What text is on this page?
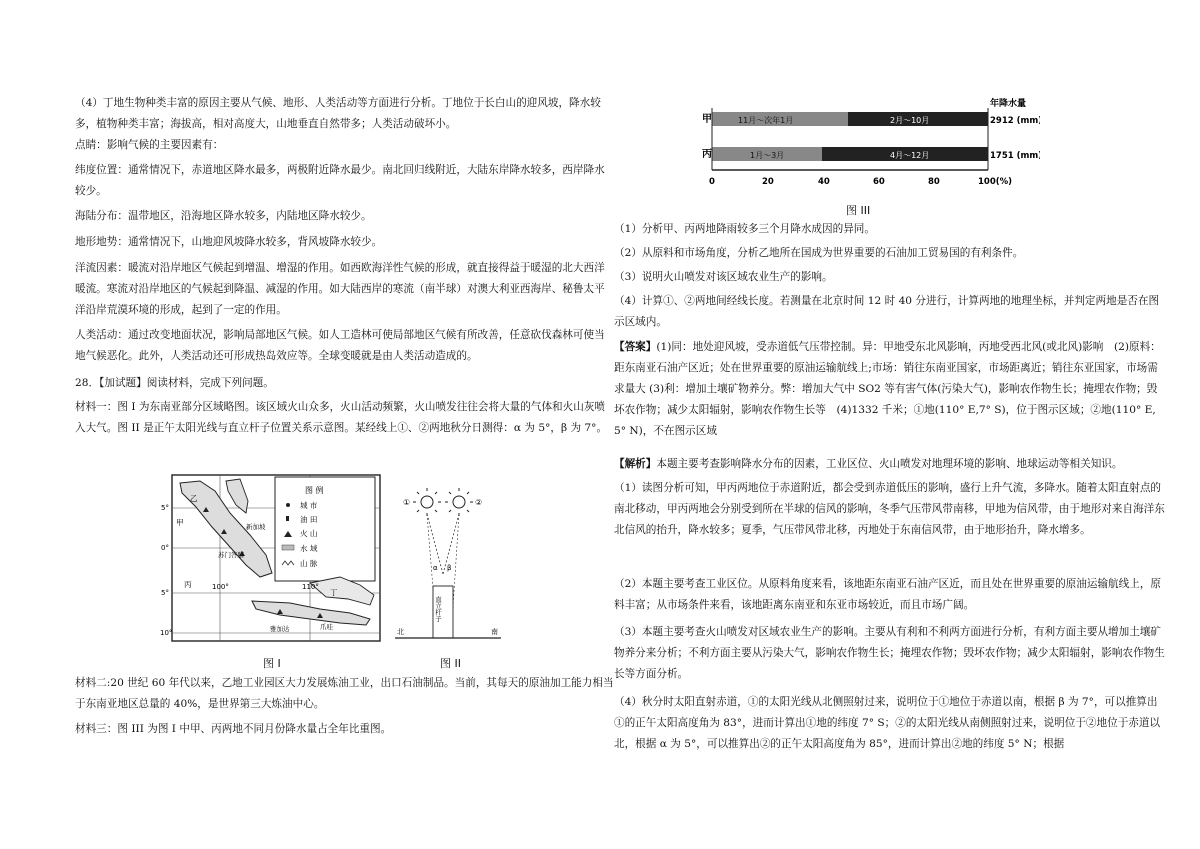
（4）丁地生物种类丰富的原因主要从气候、地形、人类活动等方面进行分析。丁地位于长白山的迎风坡，降水较多，植物种类丰富；海拔高，相对高度大，山地垂直自然带多；人类活动破坏小。
点睛：影响气候的主要因素有：
纬度位置：通常情况下，赤道地区降水最多，两极附近降水最少。南北回归线附近，大陆东岸降水较多，西岸降水较少。
海陆分布：温带地区，沿海地区降水较多，内陆地区降水较少。
地形地势：通常情况下，山地迎风坡降水较多，背风坡降水较少。
洋流因素：暖流对沿岸地区气候起到增温、增湿的作用。如西欧海洋性气候的形成，就直接得益于暖湿的北大西洋暖流。寒流对沿岸地区的气候起到降温、减湿的作用。如大陆西岸的寒流（南半球）对澳大利亚西海岸、秘鲁太平洋沿岸荒漠环境的形成，起到了一定的作用。
人类活动：通过改变地面状况，影响局部地区气候。如人工造林可使局部地区气候有所改善，任意砍伐森林可使当地气候恶化。此外，人类活动还可形成热岛效应等。全球变暖就是由人类活动造成的。
28．【加试题】阅读材料，完成下列问题。
材料一：图 I 为东南亚部分区域略图。该区域火山众多，火山活动频繁，火山喷发往往会将大量的气体和火山灰喷入大气。图 II 是正午太阳光线与直立杆子位置关系示意图。某经线上①、②两地秋分日测得：α 为 5°，β 为 7°。
材料二:20 世纪 60 年代以来，乙地工业园区大力发展炼油工业，出口石油制品。当前，其每天的原油加工能力相当于东南亚地区总量的 40%，是世界第三大炼油中心。
材料三：图 III 为图 I 中甲、丙两地不同月份降水量占全年比重图。
图 例
城 市
油 田
火 山
水 域
山 脉
乙
甲
丙
丁
新加坡
雅加达
苏门答腊
爪哇
5°
0°
5°
10°
100°	110°
图 I
①	②
α β
直立杆子
北	南
图 II
年降水量
甲	11月～次年1月	2月～10月	2912 (mm)
丙	1月～3月	4月～12月	1751 (mm)
0	20	40	60	80	100(%)
图 III
（1）分析甲、丙两地降雨较多三个月降水成因的异同。
（2）从原料和市场角度，分析乙地所在国成为世界重要的石油加工贸易国的有利条件。
（3）说明火山喷发对该区域农业生产的影响。
（4）计算①、②两地间经线长度。若测量在北京时间 12 时 40 分进行，计算两地的地理坐标，并判定两地是否在图示区域内。
【答案】(1)同：地处迎风坡，受赤道低气压带控制。异：甲地受东北风影响，丙地受西北风(或北风)影响　(2)原料：距东南亚石油产区近；处在世界重要的原油运输航线上;市场：销往东南亚国家，市场距离近；销往东亚国家，市场需求量大 (3)利：增加土壤矿物养分。弊：增加大气中 SO2 等有害气体(污染大气)，影响农作物生长；掩埋农作物；毁坏农作物；减少太阳辐射，影响农作物生长等　(4)1332 千米；①地(110° E,7° S)，位于图示区域；②地(110° E,5° N)，不在图示区域
【解析】本题主要考查影响降水分布的因素，工业区位、火山喷发对地理环境的影响、地球运动等相关知识。
（1）读图分析可知，甲丙两地位于赤道附近，都会受到赤道低压的影响，盛行上升气流，多降水。随着太阳直射点的南北移动，甲丙两地会分别受到所在半球的信风的影响，冬季气压带风带南移，甲地为信风带，由于地形对来自海洋东北信风的抬升，降水较多；夏季，气压带风带北移，丙地处于东南信风带，由于地形抬升，降水增多。
（2）本题主要考查工业区位。从原料角度来看，该地距东南亚石油产区近，而且处在世界重要的原油运输航线上，原料丰富；从市场条件来看，该地距离东南亚和东亚市场较近，而且市场广阔。
（3）本题主要考查火山喷发对区域农业生产的影响。主要从有利和不利两方面进行分析，有利方面主要从增加土壤矿物养分来分析；不利方面主要从污染大气，影响农作物生长；掩埋农作物；毁坏农作物；减少太阳辐射，影响农作物生长等方面分析。
（4）秋分时太阳直射赤道，①的太阳光线从北侧照射过来，说明位于①地位于赤道以南，根据 β 为 7°，可以推算出①的正午太阳高度角为 83°，进而计算出①地的纬度 7° S；②的太阳光线从南侧照射过来，说明位于②地位于赤道以北，根据 α 为 5°，可以推算出②的正午太阳高度角为 85°，进而计算出②地的纬度 5° N；根据
